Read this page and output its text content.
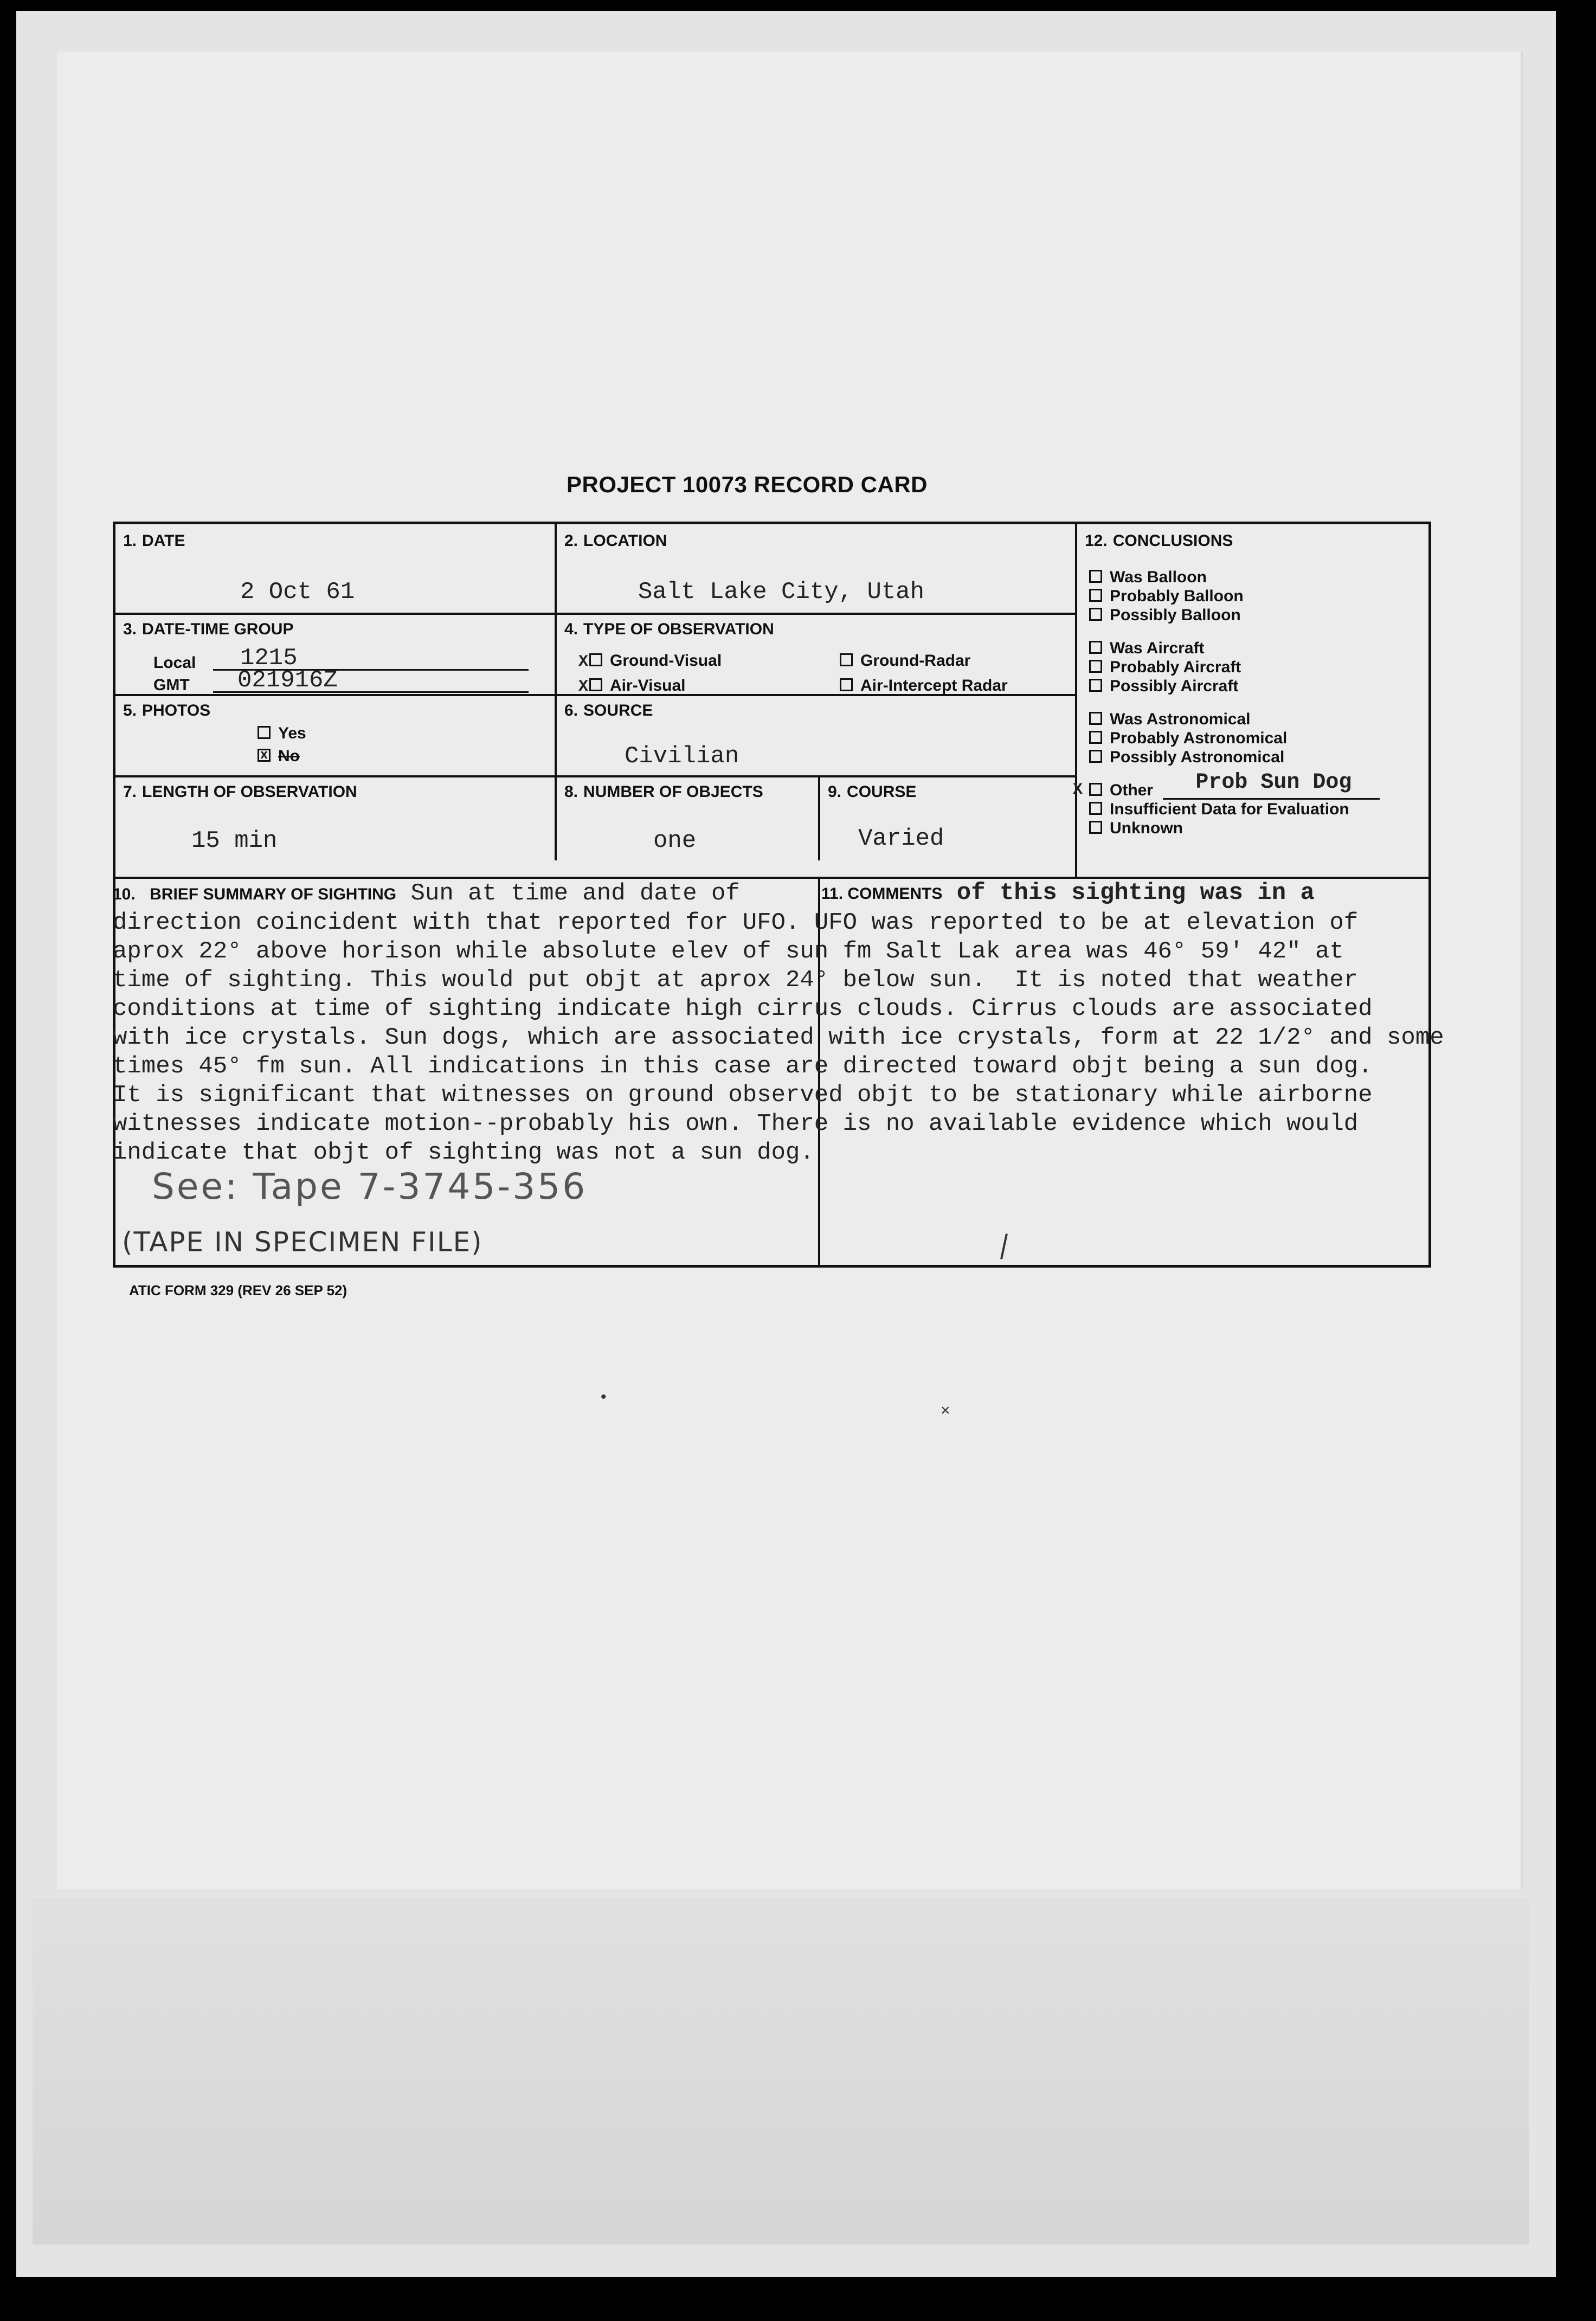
PROJECT 10073 RECORD CARD
1. DATE
2 Oct 61
2. LOCATION
Salt Lake City, Utah
3. DATE-TIME GROUP
Local 1215
GMT 021916Z
4. TYPE OF OBSERVATION
X Ground-Visual	Ground-Radar
X Air-Visual	Air-Intercept Radar
5. PHOTOS
Yes
x No
6. SOURCE
Civilian
7. LENGTH OF OBSERVATION
15 min
8. NUMBER OF OBJECTS
one
9. COURSE
Varied
12. CONCLUSIONS
Was Balloon
Probably Balloon
Possibly Balloon
Was Aircraft
Probably Aircraft
Possibly Aircraft
Was Astronomical
Probably Astronomical
Possibly Astronomical
X Other Prob Sun Dog
Insufficient Data for Evaluation
Unknown
10. BRIEF SUMMARY OF SIGHTING Sun at time and date of
direction coincident with that reported for UFO. UFO was reported to be at elevation of
aprox 22° above horison while absolute elev of sun fm Salt Lak area was 46° 59' 42" at
time of sighting. This would put objt at aprox 24° below sun.  It is noted that weather
conditions at time of sighting indicate high cirrus clouds. Cirrus clouds are associated
with ice crystals. Sun dogs, which are associated with ice crystals, form at 22 1/2° and some
times 45° fm sun. All indications in this case are directed toward objt being a sun dog.
It is significant that witnesses on ground observed objt to be stationary while airborne
witnesses indicate motion--probably his own. There is no available evidence which would
indicate that objt of sighting was not a sun dog.
11. COMMENTS of this sighting was in a
See: Tape 7-3745-356
(TAPE IN SPECIMEN FILE)
ATIC FORM 329 (REV 26 SEP 52)
•
×
